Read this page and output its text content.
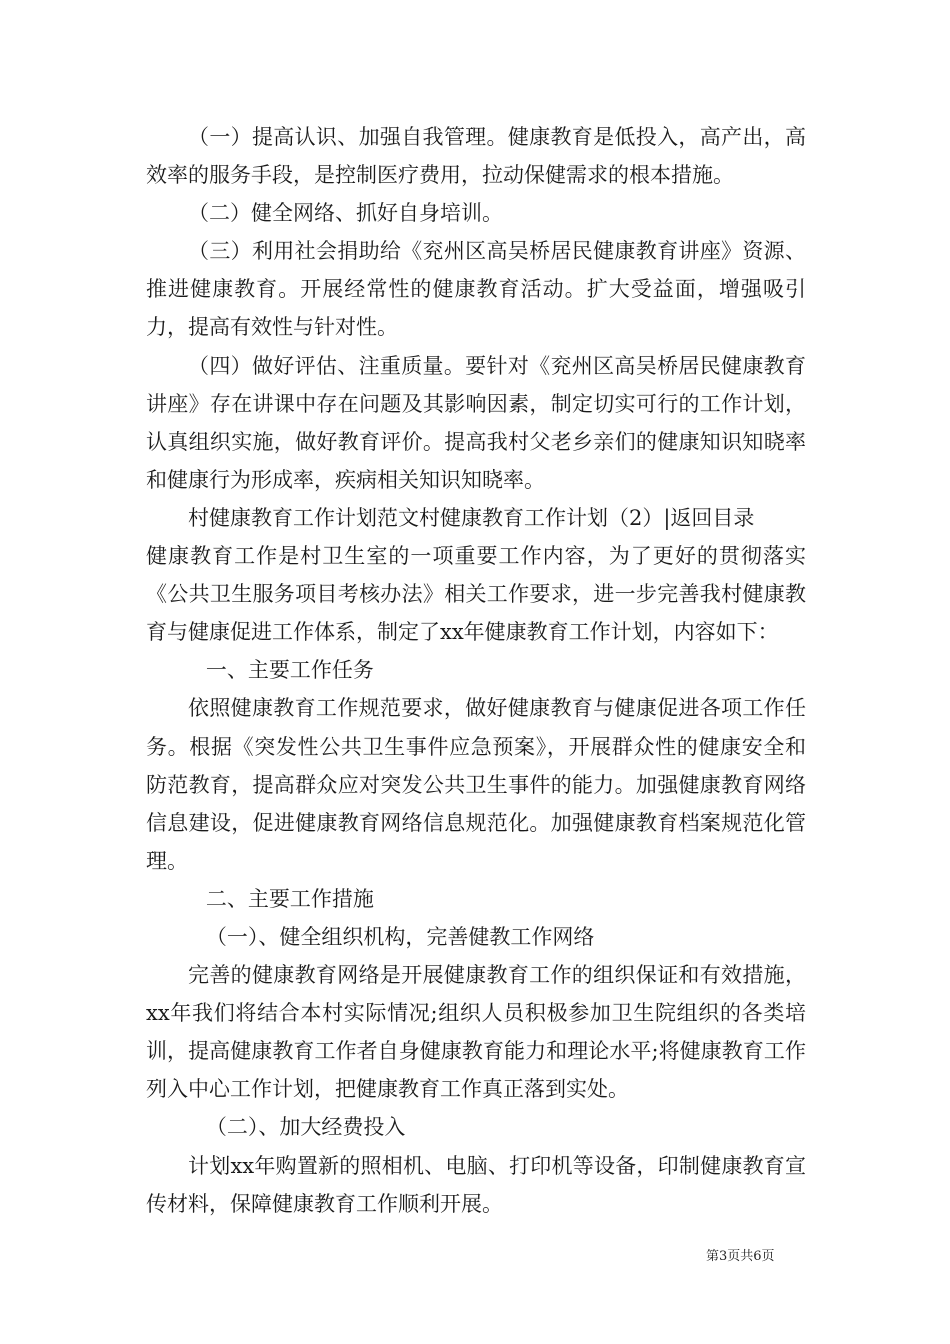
（一）提高认识、加强自我管理。健康教育是低投入，高产出，高效率的服务手段，是控制医疗费用，拉动保健需求的根本措施。

（二）健全网络、抓好自身培训。

（三）利用社会捐助给《兖州区高吴桥居民健康教育讲座》资源、推进健康教育。开展经常性的健康教育活动。扩大受益面，增强吸引力，提高有效性与针对性。

（四）做好评估、注重质量。要针对《兖州区高吴桥居民健康教育讲座》存在讲课中存在问题及其影响因素，制定切实可行的工作计划，认真组织实施，做好教育评价。提高我村父老乡亲们的健康知识知晓率和健康行为形成率，疾病相关知识知晓率。

村健康教育工作计划范文村健康教育工作计划（2）|返回目录

健康教育工作是村卫生室的一项重要工作内容，为了更好的贯彻落实《公共卫生服务项目考核办法》相关工作要求，进一步完善我村健康教育与健康促进工作体系，制定了xx年健康教育工作计划，内容如下：

一、主要工作任务

依照健康教育工作规范要求，做好健康教育与健康促进各项工作任务。根据《突发性公共卫生事件应急预案》，开展群众性的健康安全和防范教育，提高群众应对突发公共卫生事件的能力。加强健康教育网络信息建设，促进健康教育网络信息规范化。加强健康教育档案规范化管理。

二、主要工作措施

（一）、健全组织机构，完善健教工作网络

完善的健康教育网络是开展健康教育工作的组织保证和有效措施，xx年我们将结合本村实际情况;组织人员积极参加卫生院组织的各类培训，提高健康教育工作者自身健康教育能力和理论水平;将健康教育工作列入中心工作计划，把健康教育工作真正落到实处。

（二）、加大经费投入

计划xx年购置新的照相机、电脑、打印机等设备，印制健康教育宣传材料，保障健康教育工作顺利开展。

第3页共6页
